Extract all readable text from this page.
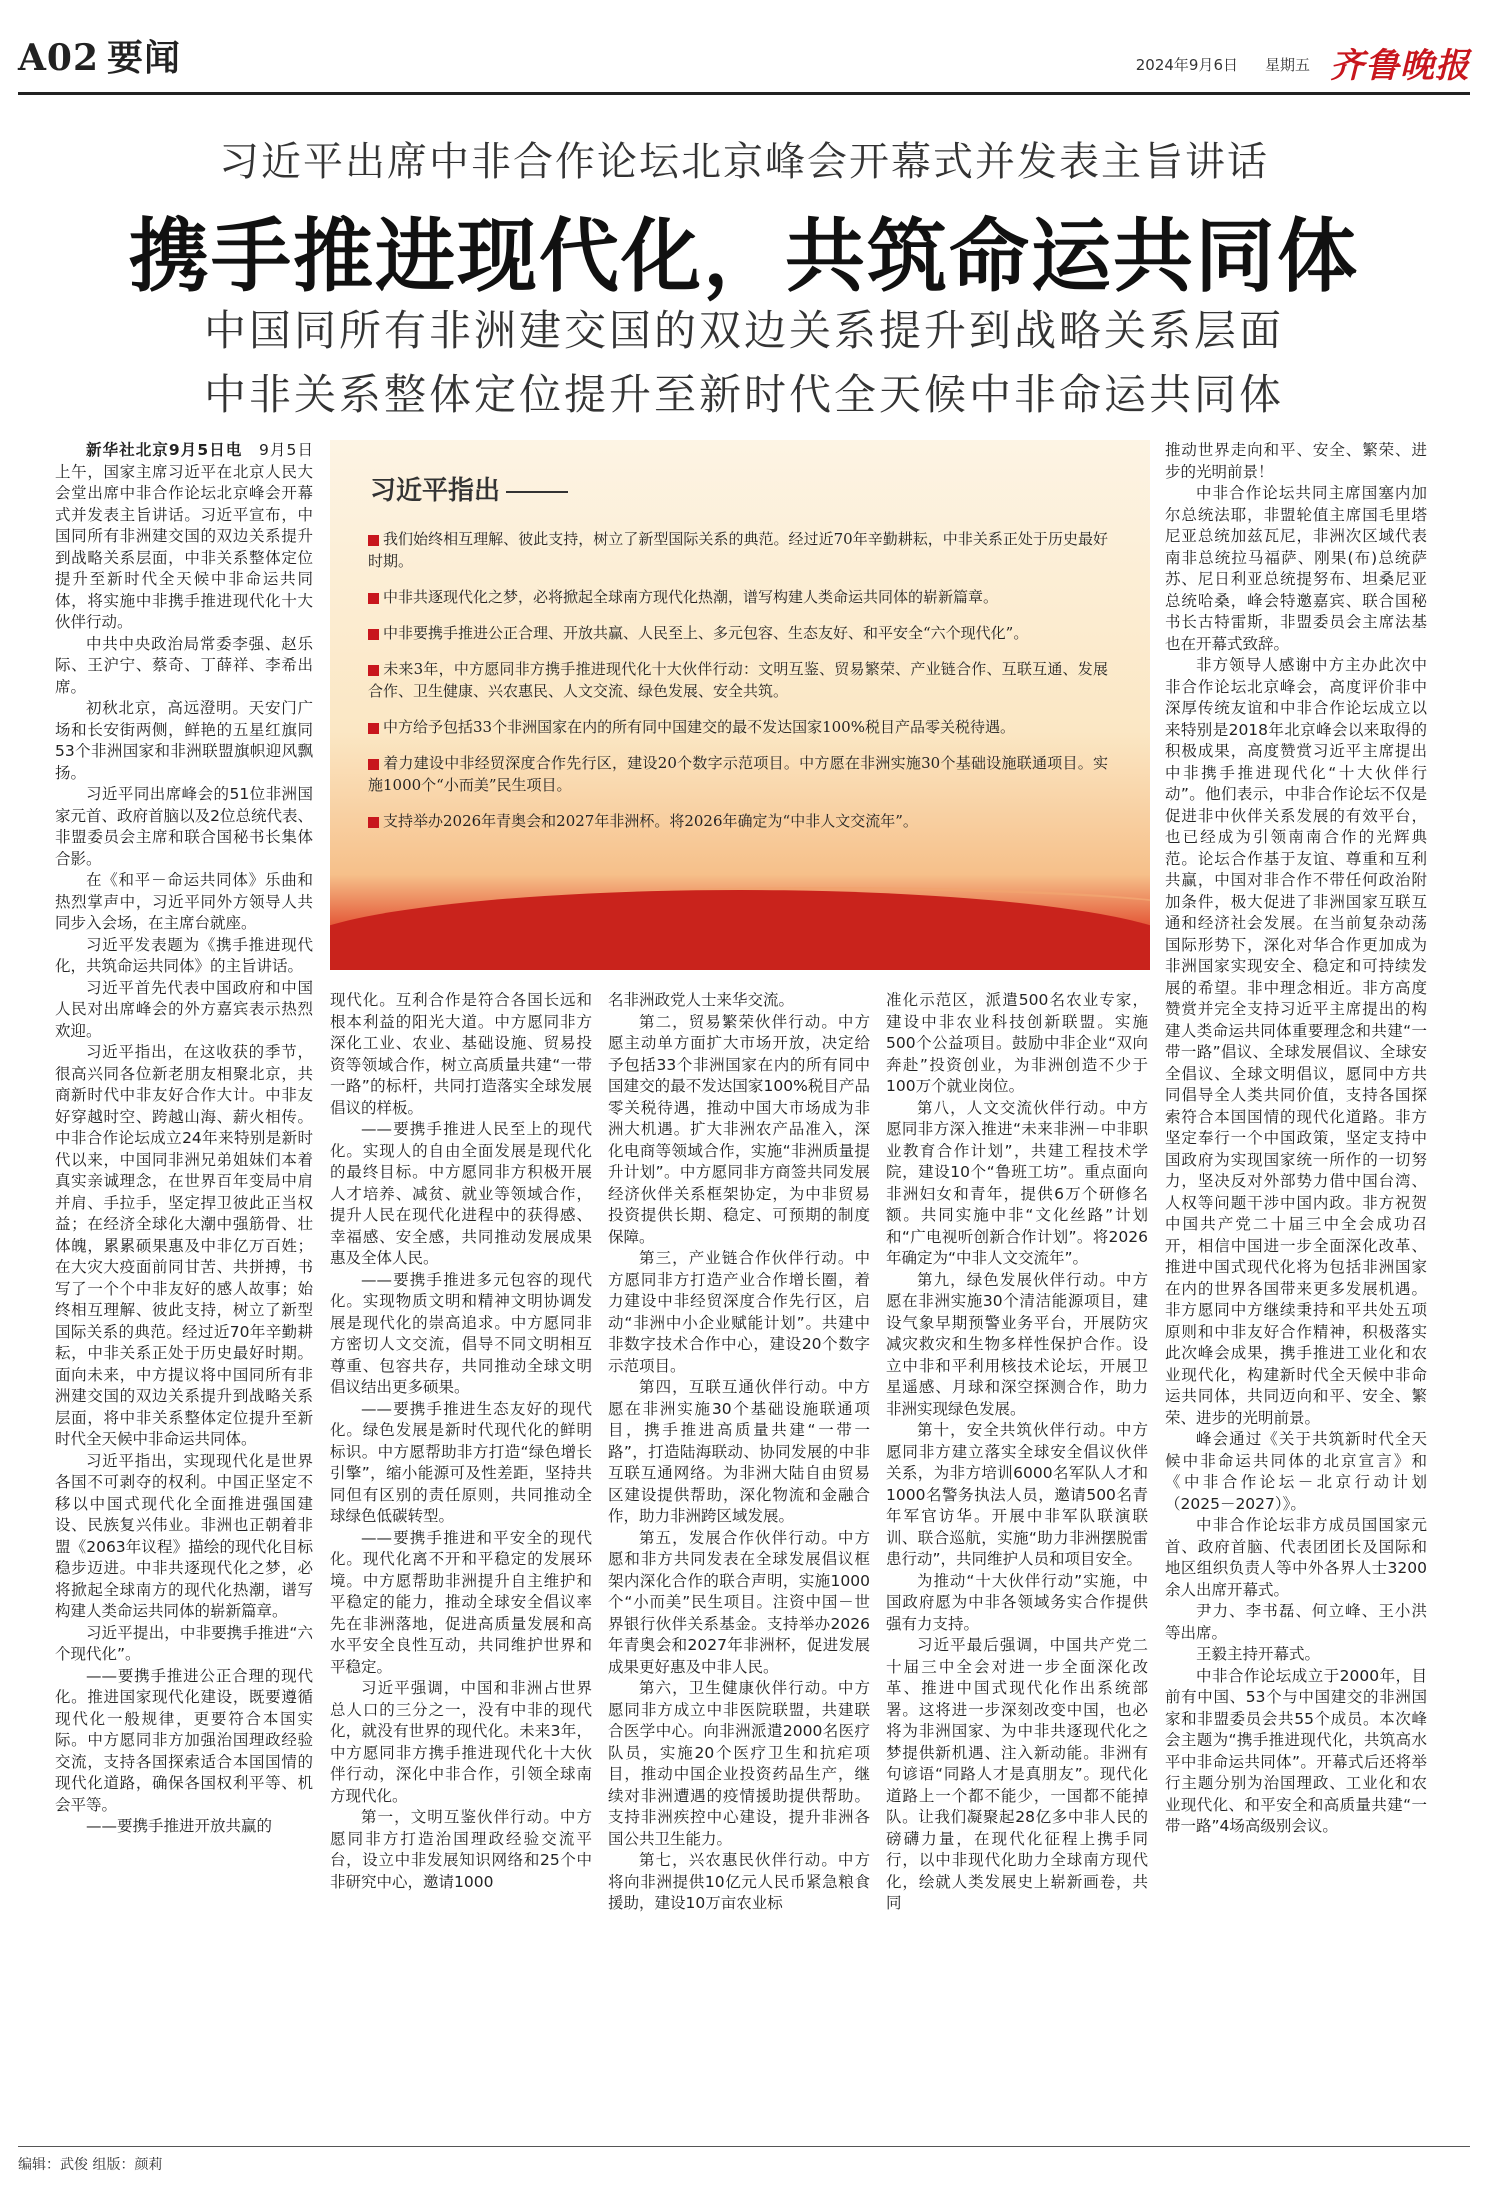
A02 要闻	2024年9月6日 星期五 齐鲁晚报
习近平出席中非合作论坛北京峰会开幕式并发表主旨讲话
携手推进现代化，共筑命运共同体
中国同所有非洲建交国的双边关系提升到战略关系层面
中非关系整体定位提升至新时代全天候中非命运共同体

新华社北京9月5日电　 9月5日上午，国家主席习近平在北京人民大会堂出席中非合作论坛北京峰会开幕式并发表主旨讲话。习近平宣布，中国同所有非洲建交国的双边关系提升到战略关系层面，中非关系整体定位提升至新时代全天候中非命运共同体，将实施中非携手推进现代化十大伙伴行动。

中共中央政治局常委李强、赵乐际、王沪宁、蔡奇、丁薛祥、李希出席。

初秋北京，高远澄明。天安门广场和长安街两侧，鲜艳的五星红旗同53个非洲国家和非洲联盟旗帜迎风飘扬。

习近平同出席峰会的51位非洲国家元首、政府首脑以及2位总统代表、非盟委员会主席和联合国秘书长集体合影。

在《和平－命运共同体》乐曲和热烈掌声中，习近平同外方领导人共同步入会场，在主席台就座。

习近平发表题为《携手推进现代化，共筑命运共同体》的主旨讲话。

习近平首先代表中国政府和中国人民对出席峰会的外方嘉宾表示热烈欢迎。

习近平指出，在这收获的季节，很高兴同各位新老朋友相聚北京，共商新时代中非友好合作大计。中非友好穿越时空、跨越山海、薪火相传。中非合作论坛成立24年来特别是新时代以来，中国同非洲兄弟姐妹们本着真实亲诚理念，在世界百年变局中肩并肩、手拉手，坚定捍卫彼此正当权益；在经济全球化大潮中强筋骨、壮体魄，累累硕果惠及中非亿万百姓；在大灾大疫面前同甘苦、共拼搏，书写了一个个中非友好的感人故事；始终相互理解、彼此支持，树立了新型国际关系的典范。经过近70年辛勤耕耘，中非关系正处于历史最好时期。面向未来，中方提议将中国同所有非洲建交国的双边关系提升到战略关系层面，将中非关系整体定位提升至新时代全天候中非命运共同体。

习近平指出，实现现代化是世界各国不可剥夺的权利。中国正坚定不移以中国式现代化全面推进强国建设、民族复兴伟业。非洲也正朝着非盟《2063年议程》描绘的现代化目标稳步迈进。中非共逐现代化之梦，必将掀起全球南方的现代化热潮，谱写构建人类命运共同体的崭新篇章。

习近平提出，中非要携手推进“六个现代化”。

——要携手推进公正合理的现代化。推进国家现代化建设，既要遵循现代化一般规律，更要符合本国实际。中方愿同非方加强治国理政经验交流，支持各国探索适合本国国情的现代化道路，确保各国权利平等、机会平等。

——要携手推进开放共赢的

习近平指出
我们始终相互理解、彼此支持，树立了新型国际关系的典范。经过近70年辛勤耕耘，中非关系正处于历史最好时期。
中非共逐现代化之梦，必将掀起全球南方现代化热潮，谱写构建人类命运共同体的崭新篇章。
中非要携手推进公正合理、开放共赢、人民至上、多元包容、生态友好、和平安全“六个现代化”。
未来3年，中方愿同非方携手推进现代化十大伙伴行动：文明互鉴、贸易繁荣、产业链合作、互联互通、发展合作、卫生健康、兴农惠民、人文交流、绿色发展、安全共筑。
中方给予包括33个非洲国家在内的所有同中国建交的最不发达国家100%税目产品零关税待遇。
着力建设中非经贸深度合作先行区，建设20个数字示范项目。中方愿在非洲实施30个基础设施联通项目。实施1000个“小而美”民生项目。
支持举办2026年青奥会和2027年非洲杯。将2026年确定为“中非人文交流年”。

现代化。互利合作是符合各国长远和根本利益的阳光大道。中方愿同非方深化工业、农业、基础设施、贸易投资等领域合作，树立高质量共建“一带一路”的标杆，共同打造落实全球发展倡议的样板。

——要携手推进人民至上的现代化。实现人的自由全面发展是现代化的最终目标。中方愿同非方积极开展人才培养、减贫、就业等领域合作，提升人民在现代化进程中的获得感、幸福感、安全感，共同推动发展成果惠及全体人民。

——要携手推进多元包容的现代化。实现物质文明和精神文明协调发展是现代化的崇高追求。中方愿同非方密切人文交流，倡导不同文明相互尊重、包容共存，共同推动全球文明倡议结出更多硕果。

——要携手推进生态友好的现代化。绿色发展是新时代现代化的鲜明标识。中方愿帮助非方打造“绿色增长引擎”，缩小能源可及性差距，坚持共同但有区别的责任原则，共同推动全球绿色低碳转型。

——要携手推进和平安全的现代化。现代化离不开和平稳定的发展环境。中方愿帮助非洲提升自主维护和平稳定的能力，推动全球安全倡议率先在非洲落地，促进高质量发展和高水平安全良性互动，共同维护世界和平稳定。

习近平强调，中国和非洲占世界总人口的三分之一，没有中非的现代化，就没有世界的现代化。未来3年，中方愿同非方携手推进现代化十大伙伴行动，深化中非合作，引领全球南方现代化。

第一，文明互鉴伙伴行动。中方愿同非方打造治国理政经验交流平台，设立中非发展知识网络和25个中非研究中心，邀请1000

名非洲政党人士来华交流。

第二，贸易繁荣伙伴行动。中方愿主动单方面扩大市场开放，决定给予包括33个非洲国家在内的所有同中国建交的最不发达国家100%税目产品零关税待遇，推动中国大市场成为非洲大机遇。扩大非洲农产品准入，深化电商等领域合作，实施“非洲质量提升计划”。中方愿同非方商签共同发展经济伙伴关系框架协定，为中非贸易投资提供长期、稳定、可预期的制度保障。

第三，产业链合作伙伴行动。中方愿同非方打造产业合作增长圈，着力建设中非经贸深度合作先行区，启动“非洲中小企业赋能计划”。共建中非数字技术合作中心，建设20个数字示范项目。

第四，互联互通伙伴行动。中方愿在非洲实施30个基础设施联通项目，携手推进高质量共建“一带一路”，打造陆海联动、协同发展的中非互联互通网络。为非洲大陆自由贸易区建设提供帮助，深化物流和金融合作，助力非洲跨区域发展。

第五，发展合作伙伴行动。中方愿和非方共同发表在全球发展倡议框架内深化合作的联合声明，实施1000个“小而美”民生项目。注资中国－世界银行伙伴关系基金。支持举办2026年青奥会和2027年非洲杯，促进发展成果更好惠及中非人民。

第六，卫生健康伙伴行动。中方愿同非方成立中非医院联盟，共建联合医学中心。向非洲派遣2000名医疗队员，实施20个医疗卫生和抗疟项目，推动中国企业投资药品生产，继续对非洲遭遇的疫情援助提供帮助。支持非洲疾控中心建设，提升非洲各国公共卫生能力。

第七，兴农惠民伙伴行动。中方将向非洲提供10亿元人民币紧急粮食援助，建设10万亩农业标

准化示范区，派遣500名农业专家，建设中非农业科技创新联盟。实施500个公益项目。鼓励中非企业“双向奔赴”投资创业，为非洲创造不少于100万个就业岗位。

第八，人文交流伙伴行动。中方愿同非方深入推进“未来非洲－中非职业教育合作计划”，共建工程技术学院，建设10个“鲁班工坊”。重点面向非洲妇女和青年，提供6万个研修名额。共同实施中非“文化丝路”计划和“广电视听创新合作计划”。将2026年确定为“中非人文交流年”。

第九，绿色发展伙伴行动。中方愿在非洲实施30个清洁能源项目，建设气象早期预警业务平台，开展防灾减灾救灾和生物多样性保护合作。设立中非和平利用核技术论坛，开展卫星遥感、月球和深空探测合作，助力非洲实现绿色发展。

第十，安全共筑伙伴行动。中方愿同非方建立落实全球安全倡议伙伴关系，为非方培训6000名军队人才和1000名警务执法人员，邀请500名青年军官访华。开展中非军队联演联训、联合巡航，实施“助力非洲摆脱雷患行动”，共同维护人员和项目安全。

为推动“十大伙伴行动”实施，中国政府愿为中非各领域务实合作提供强有力支持。

习近平最后强调，中国共产党二十届三中全会对进一步全面深化改革、推进中国式现代化作出系统部署。这将进一步深刻改变中国，也必将为非洲国家、为中非共逐现代化之梦提供新机遇、注入新动能。非洲有句谚语“同路人才是真朋友”。现代化道路上一个都不能少，一国都不能掉队。让我们凝聚起28亿多中非人民的磅礴力量，在现代化征程上携手同行，以中非现代化助力全球南方现代化，绘就人类发展史上崭新画卷，共同

推动世界走向和平、安全、繁荣、进步的光明前景！

中非合作论坛共同主席国塞内加尔总统法耶，非盟轮值主席国毛里塔尼亚总统加兹瓦尼，非洲次区域代表南非总统拉马福萨、刚果(布)总统萨苏、尼日利亚总统提努布、坦桑尼亚总统哈桑，峰会特邀嘉宾、联合国秘书长古特雷斯，非盟委员会主席法基也在开幕式致辞。

非方领导人感谢中方主办此次中非合作论坛北京峰会，高度评价非中深厚传统友谊和中非合作论坛成立以来特别是2018年北京峰会以来取得的积极成果，高度赞赏习近平主席提出中非携手推进现代化“十大伙伴行动”。他们表示，中非合作论坛不仅是促进非中伙伴关系发展的有效平台，也已经成为引领南南合作的光辉典范。论坛合作基于友谊、尊重和互利共赢，中国对非合作不带任何政治附加条件，极大促进了非洲国家互联互通和经济社会发展。在当前复杂动荡国际形势下，深化对华合作更加成为非洲国家实现安全、稳定和可持续发展的希望。非中理念相近。非方高度赞赏并完全支持习近平主席提出的构建人类命运共同体重要理念和共建“一带一路”倡议、全球发展倡议、全球安全倡议、全球文明倡议，愿同中方共同倡导全人类共同价值，支持各国探索符合本国国情的现代化道路。非方坚定奉行一个中国政策，坚定支持中国政府为实现国家统一所作的一切努力，坚决反对外部势力借中国台湾、人权等问题干涉中国内政。非方祝贺中国共产党二十届三中全会成功召开，相信中国进一步全面深化改革、推进中国式现代化将为包括非洲国家在内的世界各国带来更多发展机遇。非方愿同中方继续秉持和平共处五项原则和中非友好合作精神，积极落实此次峰会成果，携手推进工业化和农业现代化，构建新时代全天候中非命运共同体，共同迈向和平、安全、繁荣、进步的光明前景。

峰会通过《关于共筑新时代全天候中非命运共同体的北京宣言》和《中非合作论坛－北京行动计划（2025－2027）》。

中非合作论坛非方成员国国家元首、政府首脑、代表团团长及国际和地区组织负责人等中外各界人士3200余人出席开幕式。

尹力、李书磊、何立峰、王小洪等出席。

王毅主持开幕式。

中非合作论坛成立于2000年，目前有中国、53个与中国建交的非洲国家和非盟委员会共55个成员。本次峰会主题为“携手推进现代化，共筑高水平中非命运共同体”。开幕式后还将举行主题分别为治国理政、工业化和农业现代化、和平安全和高质量共建“一带一路”4场高级别会议。

编辑：武俊 组版：颜莉
